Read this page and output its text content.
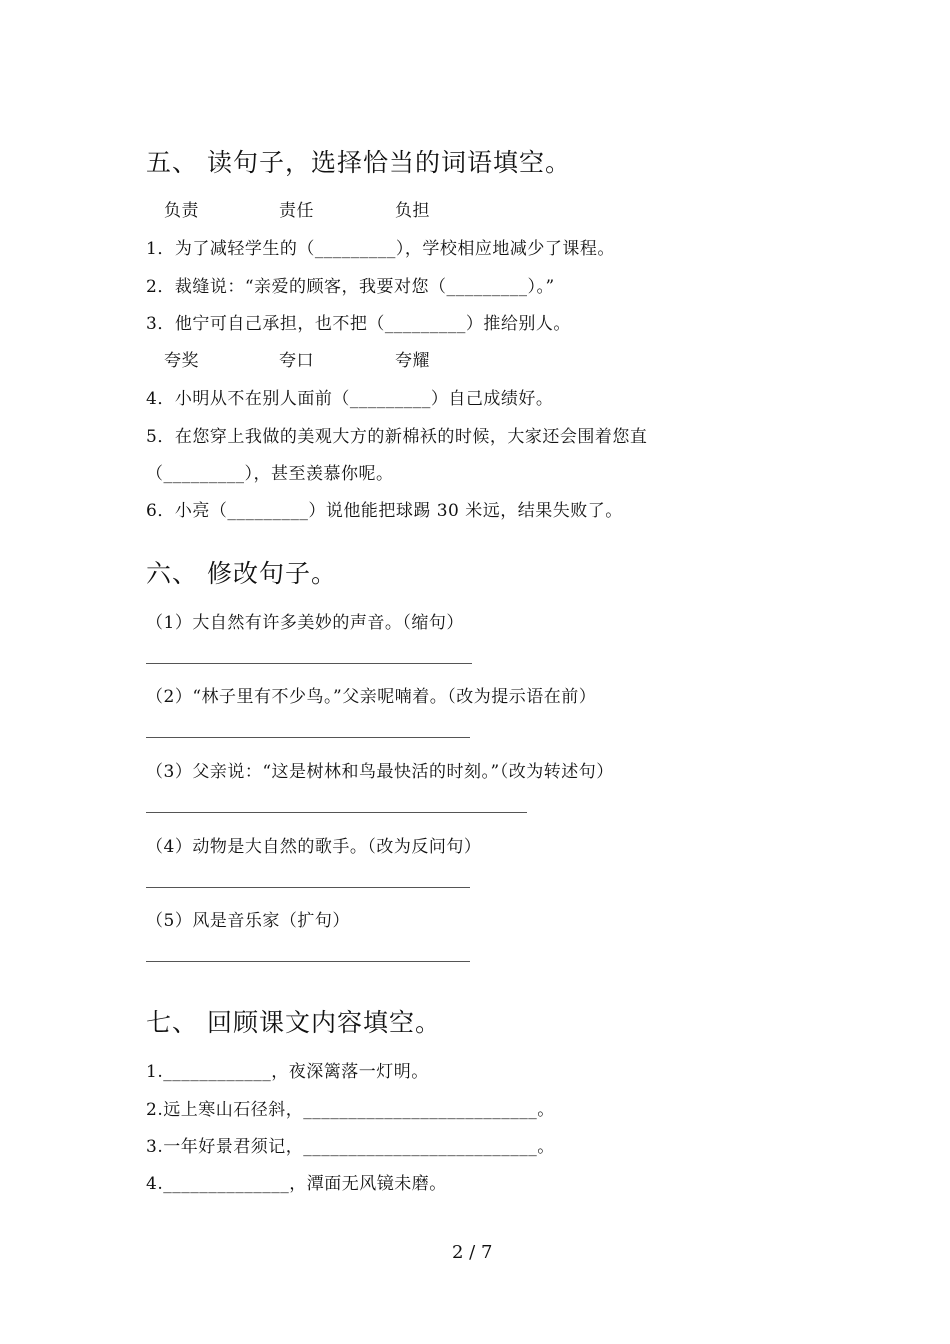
五、 读句子，选择恰当的词语填空。
负责	责任	负担
1．为了减轻学生的（_________），学校相应地减少了课程。
2．裁缝说：“亲爱的顾客，我要对您（_________）。”
3．他宁可自己承担，也不把（_________）推给别人。
夸奖	夸口	夸耀
4．小明从不在别人面前（_________）自己成绩好。
5．在您穿上我做的美观大方的新棉袄的时候，大家还会围着您直
（_________），甚至羡慕你呢。
6．小亮（_________）说他能把球踢 30 米远，结果失败了。
六、 修改句子。
（1）大自然有许多美妙的声音。（缩句）
（2）“林子里有不少鸟。”父亲呢喃着。（改为提示语在前）
（3）父亲说：“这是树林和鸟最快活的时刻。”（改为转述句）
（4）动物是大自然的歌手。（改为反问句）
（5）风是音乐家（扩句）
七、 回顾课文内容填空。
1.____________，夜深篱落一灯明。
2.远上寒山石径斜，__________________________。
3.一年好景君须记，__________________________。
4.______________，潭面无风镜未磨。
2 / 7
